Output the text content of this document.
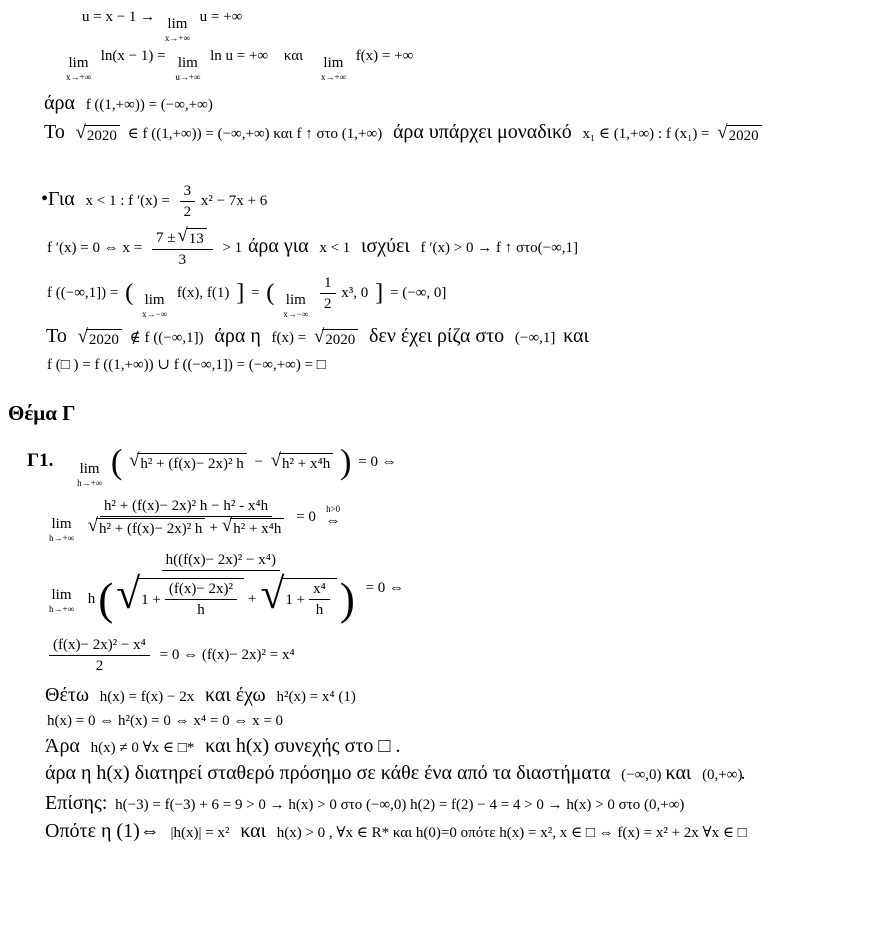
u = x − 1 → lim
x→+∞
u = +∞
lim
x→+∞
ln(x − 1) = lim
u→+∞
ln u = +∞ και lim
x→+∞
f(x) = +∞
άρα f ((1,+∞)) = (−∞,+∞)
Το √ 2020 ∈ f ((1,+∞)) = (−∞,+∞) και f ↑ στο (1,+∞) άρα υπάρχει μοναδικό x₁ ∈ (1,+∞) : f (x₁) = √ 2020
•Για x < 1 : f $'(x) = \frac{3}{2} x^2 - 7x + 6$
f ′(x) = 0 ⇔ $x = \frac{7 \pm √ 13}{3} > 1$ άρα για x < 1 ισχύει f ′(x) > 0 → f ↑ στο(−∞,1]
f ((−∞,1]) = ( lim
x→−∞
f(x), f(1) ] = ( lim
x→−∞

$\frac{1}{2} x^3$, 0 ] = (−∞, 0]
Το √ 2020 ∉ f ((−∞,1]) άρα η f(x) = √ 2020 δεν έχει ρίζα στο (−∞,1] και
f (□ ) = f ((1,+∞)) ∪ f ((−∞,1]) = (−∞,+∞) = □
Θέμα Γ
Γ1. lim
h→+∞
( √ h² + (f(x)− 2x)² h − √ h² + x⁴h ) = 0 ⇔
lim
h→+∞
$\frac{\text{h² + (f(x)− 2x)² h − h² - x⁴h}}{\text{√ h² + (f(x)− 2x)² h + √ h² + x⁴h}} = 0$ h>0
⇔
lim
h→+∞

h((f(x)− 2x)² − x⁴)
h ( √ $1 + \frac{\text{(f(x)− 2x)²}}{h}$ + √ $1 + \frac{\text{x⁴}}{h}$ ) = 0 ⇔
$\frac{\text{(f(x)− 2x)² − x⁴}}{2} = 0$ ⇔ (f(x)− 2x)² = x⁴
Θέτω h(x) = f(x) − 2x και έχω h²(x) = x⁴ (1)
h(x) = 0 ⇔ h²(x) = 0 ⇔ x⁴ = 0 ⇔ x = 0
Άρα h(x) ≠ 0 ∀x ∈ □* και h(x) συνεχής στο □ .
άρα η h(x) διατηρεί σταθερό πρόσημο σε κάθε ένα από τα διαστήματα (−∞,0) και (0,+∞).
Επίσης: h(−3) = f(−3) + 6 = 9 > 0 → h(x) > 0 στο (−∞,0) h(2) = f(2) − 4 = 4 > 0 → h(x) > 0 στο (0,+∞)
Οπότε η (1)⇔ |h(x)| = x² και h(x) > 0 , ∀x ∈ R* και h(0)=0 οπότε h(x) = x², x ∈ □ ⇔ f(x) = x² + 2x ∀x ∈ □
